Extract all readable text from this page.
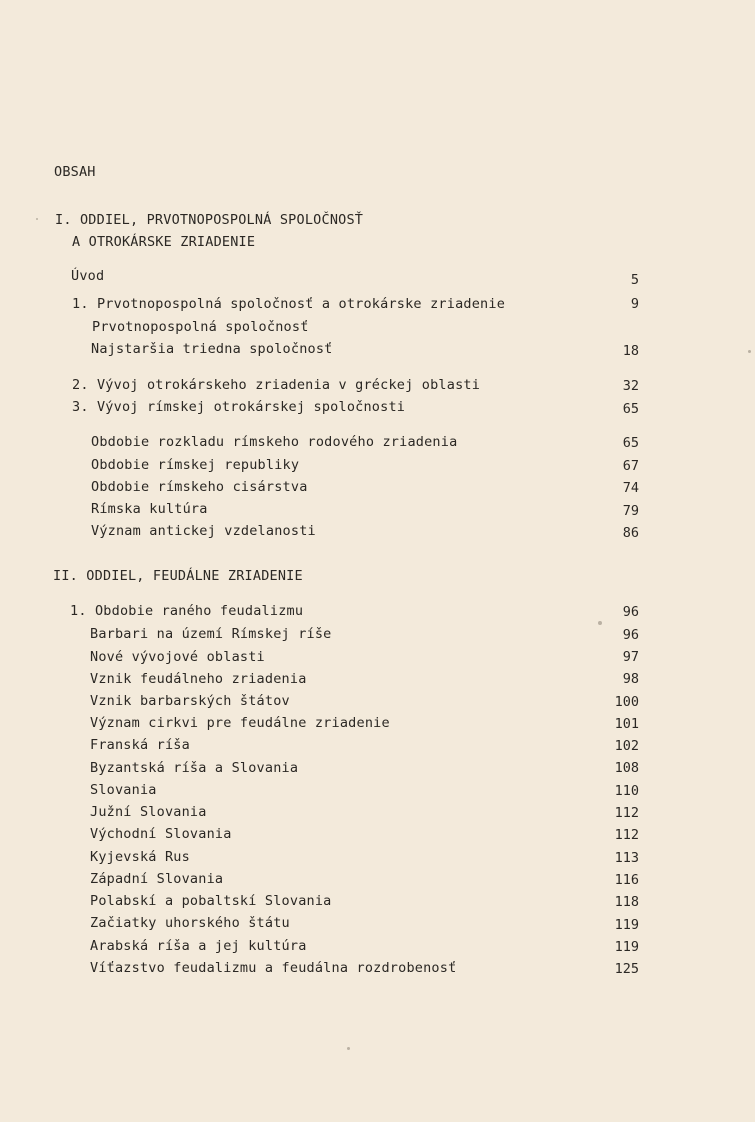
OBSAH
I. ODDIEL, PRVOTNOPOSPOLNÁ SPOLOČNOSŤ
A OTROKÁRSKE ZRIADENIE
Úvod	5
1. Prvotnopospolná spoločnosť a otrokárske zriadenie	9
Prvotnopospolná spoločnosť
Najstaršia triedna spoločnosť	18
2. Vývoj otrokárskeho zriadenia v gréckej oblasti	32
3. Vývoj rímskej otrokárskej spoločnosti	65
Obdobie rozkladu rímskeho rodového zriadenia	65
Obdobie rímskej republiky	67
Obdobie rímskeho cisárstva	74
Rímska kultúra	79
Význam antickej vzdelanosti	86
II. ODDIEL, FEUDÁLNE ZRIADENIE
1. Obdobie raného feudalizmu	96
Barbari na území Rímskej ríše	96
Nové vývojové oblasti	97
Vznik feudálneho zriadenia	98
Vznik barbarských štátov	100
Význam cirkvi pre feudálne zriadenie	101
Franská ríša	102
Byzantská ríša a Slovania	108
Slovania	110
Južní Slovania	112
Východní Slovania	112
Kyjevská Rus	113
Západní Slovania	116
Polabskí a pobaltskí Slovania	118
Začiatky uhorského štátu	119
Arabská ríša a jej kultúra	119
Víťazstvo feudalizmu a feudálna rozdrobenosť	125
